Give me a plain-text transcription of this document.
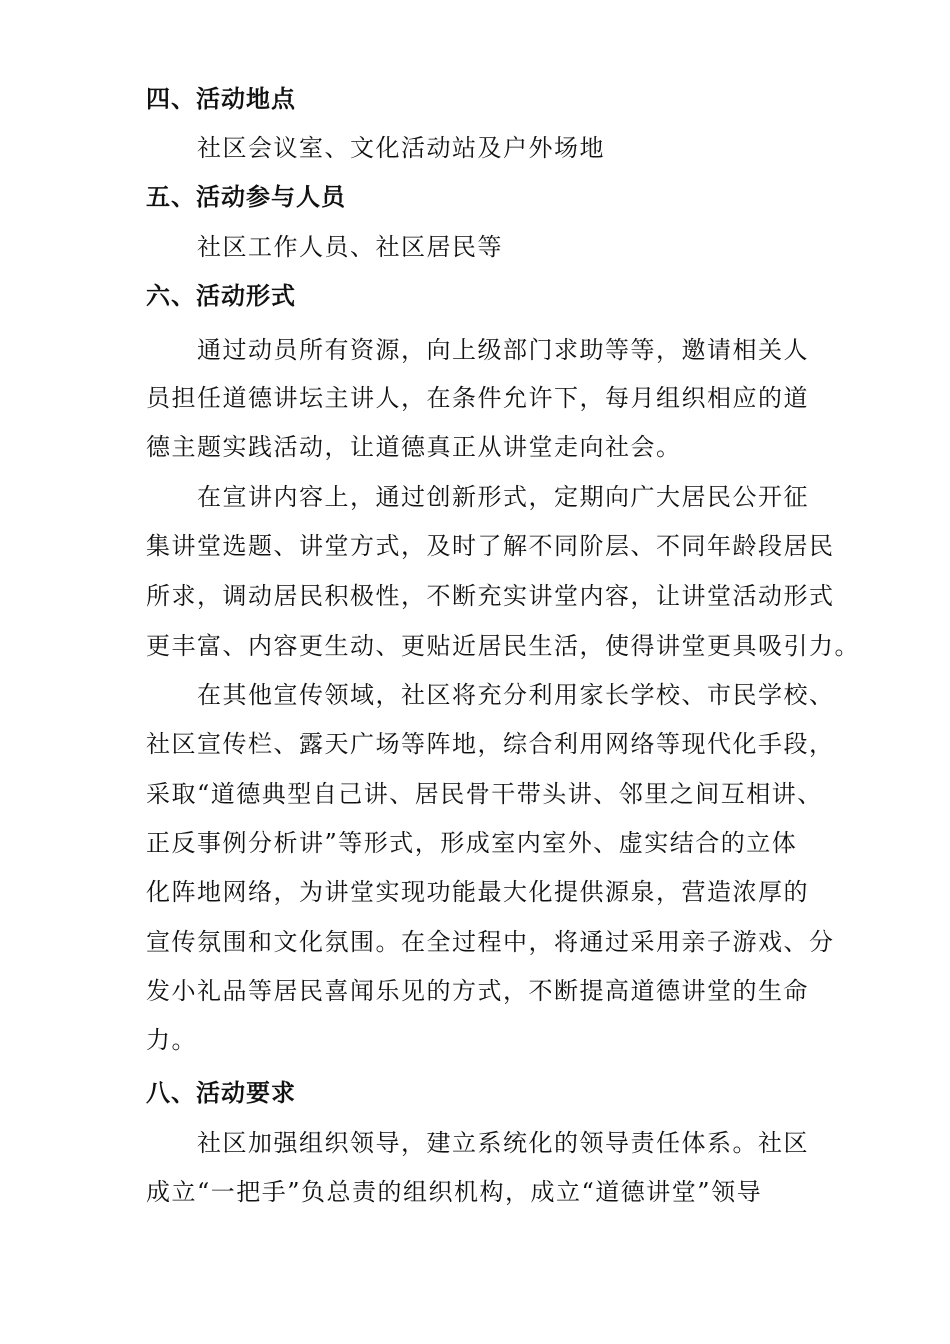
四、活动地点
社区会议室、文化活动站及户外场地
五、活动参与人员
社区工作人员、社区居民等
六、活动形式
通过动员所有资源，向上级部门求助等等，邀请相关人
员担任道德讲坛主讲人，在条件允许下，每月组织相应的道
德主题实践活动，让道德真正从讲堂走向社会。
在宣讲内容上，通过创新形式，定期向广大居民公开征
集讲堂选题、讲堂方式，及时了解不同阶层、不同年龄段居民
所求，调动居民积极性，不断充实讲堂内容，让讲堂活动形式
更丰富、内容更生动、更贴近居民生活，使得讲堂更具吸引力。
在其他宣传领域，社区将充分利用家长学校、市民学校、
社区宣传栏、露天广场等阵地，综合利用网络等现代化手段，
采取“道德典型自己讲、居民骨干带头讲、邻里之间互相讲、
正反事例分析讲”等形式，形成室内室外、虚实结合的立体
化阵地网络，为讲堂实现功能最大化提供源泉，营造浓厚的
宣传氛围和文化氛围。在全过程中，将通过采用亲子游戏、分
发小礼品等居民喜闻乐见的方式，不断提高道德讲堂的生命
力。
八、活动要求
社区加强组织领导，建立系统化的领导责任体系。社区
成立“一把手”负总责的组织机构，成立“道德讲堂”领导
